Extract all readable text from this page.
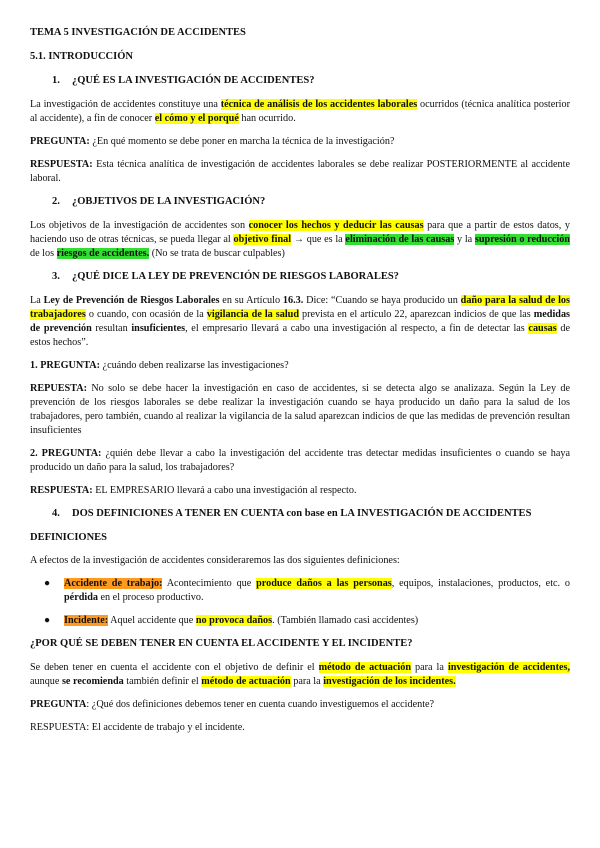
TEMA 5 INVESTIGACIÓN DE ACCIDENTES
5.1. INTRODUCCIÓN
1. ¿QUÉ ES LA INVESTIGACIÓN DE ACCIDENTES?

La investigación de accidentes constituye una técnica de análisis de los accidentes laborales ocurridos (técnica analítica posterior al accidente), a fin de conocer el cómo y el porqué han ocurrido.

PREGUNTA: ¿En qué momento se debe poner en marcha la técnica de la investigación?

RESPUESTA: Esta técnica analítica de investigación de accidentes laborales se debe realizar POSTERIORMENTE al accidente laboral.

2. ¿OBJETIVOS DE LA INVESTIGACIÓN?

Los objetivos de la investigación de accidentes son conocer los hechos y deducir las causas para que a partir de estos datos, y haciendo uso de otras técnicas, se pueda llegar al objetivo final → que es la eliminación de las causas y la supresión o reducción de los riesgos de accidentes. (No se trata de buscar culpables)

3. ¿QUÉ DICE LA LEY DE PREVENCIÓN DE RIESGOS LABORALES?

La Ley de Prevención de Riesgos Laborales en su Artículo 16.3. Dice: “Cuando se haya producido un daño para la salud de los trabajadores o cuando, con ocasión de la vigilancia de la salud prevista en el artículo 22, aparezcan indicios de que las medidas de prevención resultan insuficientes, el empresario llevará a cabo una investigación al respecto, a fin de detectar las causas de estos hechos”.

1. PREGUNTA: ¿cuándo deben realizarse las investigaciones?

REPUESTA: No solo se debe hacer la investigación en caso de accidentes, si se detecta algo se analizaza. Según la Ley de prevención de los riesgos laborales se debe realizar la investigación cuando se haya producido un daño para la salud de los trabajadores, pero también, cuando al realizar la vigilancia de la salud aparezcan indicios de que las medidas de prevención resultan insuficientes

2. PREGUNTA: ¿quién debe llevar a cabo la investigación del accidente tras detectar medidas insuficientes o cuando se haya producido un daño para la salud, los trabajadores?

RESPUESTA: EL EMPRESARIO llevará a cabo una investigación al respecto.

4. DOS DEFINICIONES A TENER EN CUENTA con base en LA INVESTIGACIÓN DE ACCIDENTES
DEFINICIONES

A efectos de la investigación de accidentes consideraremos las dos siguientes definiciones:

● Accidente de trabajo: Acontecimiento que produce daños a las personas, equipos, instalaciones, productos, etc. o pérdida en el proceso productivo.
● Incidente: Aquel accidente que no provoca daños. (También llamado casi accidentes)
¿POR QUÉ SE DEBEN TENER EN CUENTA EL ACCIDENTE Y EL INCIDENTE?

Se deben tener en cuenta el accidente con el objetivo de definir el método de actuación para la investigación de accidentes, aunque se recomienda también definir el método de actuación para la investigación de los incidentes.

PREGUNTA: ¿Qué dos definiciones debemos tener en cuenta cuando investiguemos el accidente?

RESPUESTA: El accidente de trabajo y el incidente.
